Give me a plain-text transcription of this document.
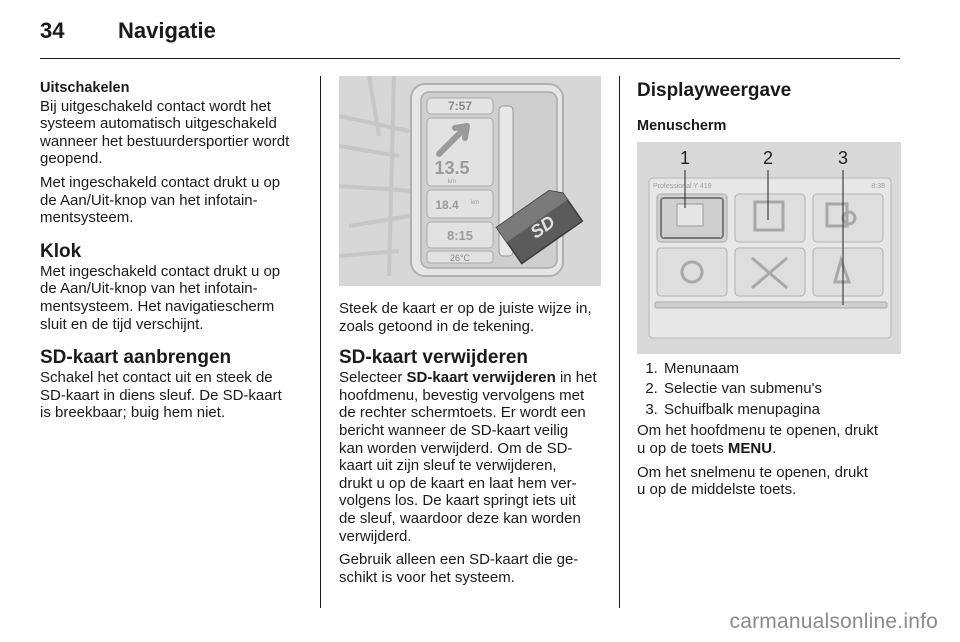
34	Navigatie
Uitschakelen

Bij uitgeschakeld contact wordt het
systeem automatisch uitgeschakeld
wanneer het bestuurdersportier wordt
geopend.

Met ingeschakeld contact drukt u op
de Aan/Uit-knop van het infotain-
mentsysteem.

Klok

Met ingeschakeld contact drukt u op
de Aan/Uit-knop van het infotain-
mentsysteem. Het navigatiescherm
sluit en de tijd verschijnt.

SD-kaart aanbrengen

Schakel het contact uit en steek de
SD-kaart in diens sleuf. De SD-kaart
is breekbaar; buig hem niet.

7:57
13.5
km
18.4 km
8:15
26°C
SD

Steek de kaart er op de juiste wijze in,
zoals getoond in de tekening.

SD-kaart verwijderen

Selecteer SD-kaart verwijderen in het
hoofdmenu, bevestig vervolgens met
de rechter schermtoets. Er wordt een
bericht wanneer de SD-kaart veilig
kan worden verwijderd. Om de SD-
kaart uit zijn sleuf te verwijderen,
drukt u op de kaart en laat hem ver-
volgens los. De kaart springt iets uit
de sleuf, waardoor deze kan worden
verwijderd.

Gebruik alleen een SD-kaart die ge-
schikt is voor het systeem.

Displayweergave
Menuscherm
1	2	3
Professional Y 419	8:38
1. Menunaam
2. Selectie van submenu's
3. Schuifbalk menupagina

Om het hoofdmenu te openen, drukt
u op de toets MENU.

Om het snelmenu te openen, drukt
u op de middelste toets.

carmanualsonline.info
